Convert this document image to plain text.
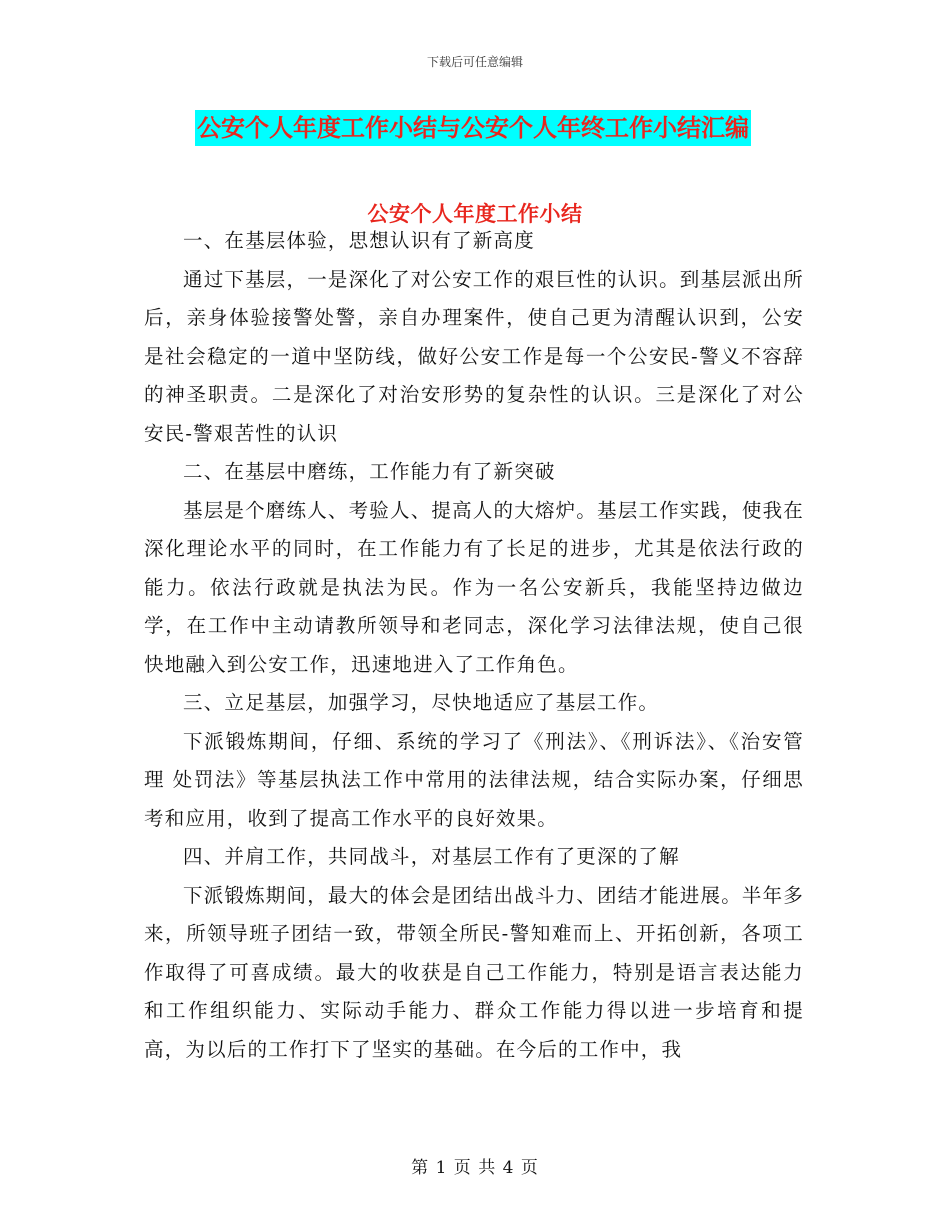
下载后可任意编辑
公安个人年度工作小结与公安个人年终工作小结汇编
公安个人年度工作小结

一、在基层体验，思想认识有了新高度

通过下基层，一是深化了对公安工作的艰巨性的认识。到基层派出所后，亲身体验接警处警，亲自办理案件，使自己更为清醒认识到，公安是社会稳定的一道中坚防线，做好公安工作是每一个公安民-警义不容辞的神圣职责。二是深化了对治安形势的复杂性的认识。三是深化了对公安民-警艰苦性的认识

二、在基层中磨练，工作能力有了新突破

基层是个磨练人、考验人、提高人的大熔炉。基层工作实践，使我在深化理论水平的同时，在工作能力有了长足的进步，尤其是依法行政的能力。依法行政就是执法为民。作为一名公安新兵，我能坚持边做边学，在工作中主动请教所领导和老同志，深化学习法律法规，使自己很快地融入到公安工作，迅速地进入了工作角色。

三、立足基层，加强学习，尽快地适应了基层工作。

下派锻炼期间，仔细、系统的学习了《刑法》、《刑诉法》、《治安管理 处罚法》等基层执法工作中常用的法律法规，结合实际办案，仔细思考和应用，收到了提高工作水平的良好效果。

四、并肩工作，共同战斗，对基层工作有了更深的了解

下派锻炼期间，最大的体会是团结出战斗力、团结才能进展。半年多来，所领导班子团结一致，带领全所民-警知难而上、开拓创新，各项工作取得了可喜成绩。最大的收获是自己工作能力，特别是语言表达能力和工作组织能力、实际动手能力、群众工作能力得以进一步培育和提高，为以后的工作打下了坚实的基础。在今后的工作中，我

第 1 页 共 4 页
